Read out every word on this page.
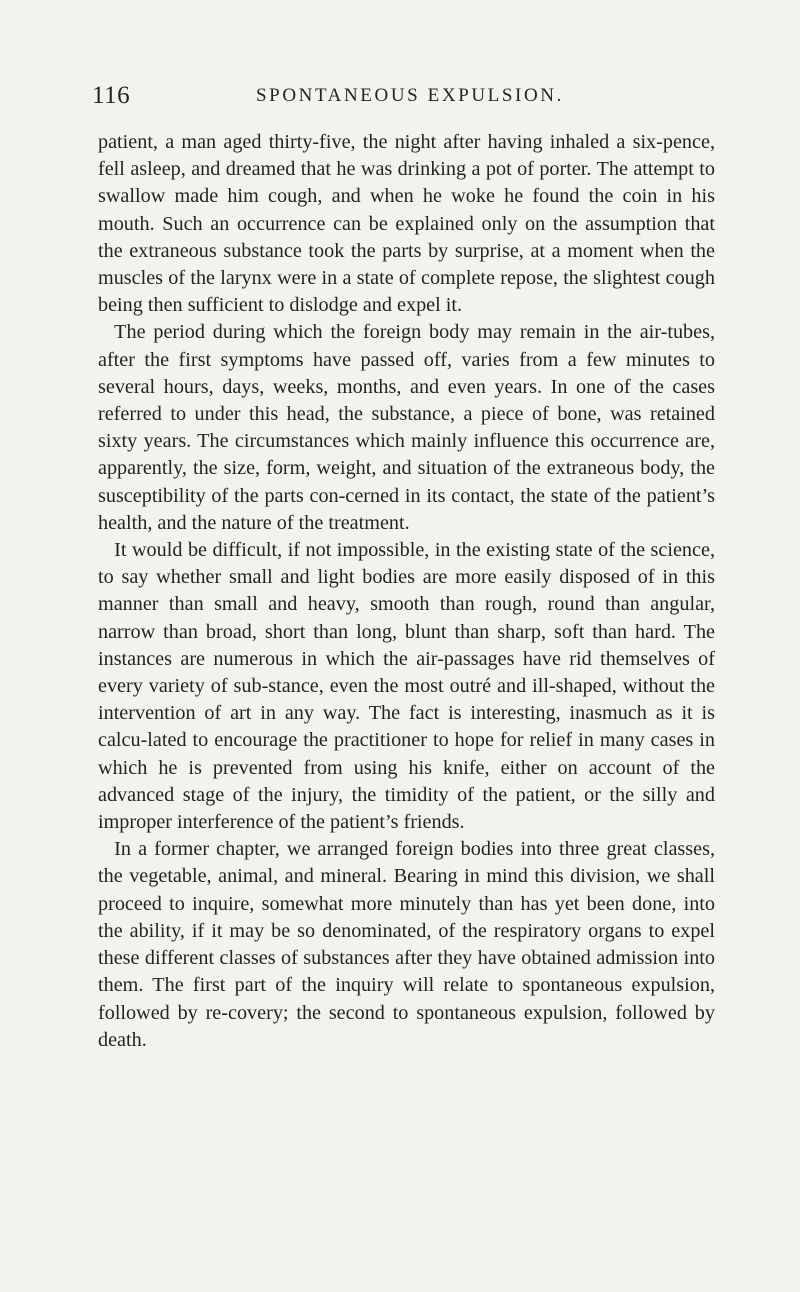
116	SPONTANEOUS EXPULSION.

patient, a man aged thirty-five, the night after having inhaled a six-pence, fell asleep, and dreamed that he was drinking a pot of porter. The attempt to swallow made him cough, and when he woke he found the coin in his mouth. Such an occurrence can be explained only on the assumption that the extraneous substance took the parts by surprise, at a moment when the muscles of the larynx were in a state of complete repose, the slightest cough being then sufficient to dislodge and expel it.

The period during which the foreign body may remain in the air-tubes, after the first symptoms have passed off, varies from a few minutes to several hours, days, weeks, months, and even years. In one of the cases referred to under this head, the substance, a piece of bone, was retained sixty years. The circumstances which mainly influence this occurrence are, apparently, the size, form, weight, and situation of the extraneous body, the susceptibility of the parts con-cerned in its contact, the state of the patient’s health, and the nature of the treatment.

It would be difficult, if not impossible, in the existing state of the science, to say whether small and light bodies are more easily disposed of in this manner than small and heavy, smooth than rough, round than angular, narrow than broad, short than long, blunt than sharp, soft than hard. The instances are numerous in which the air-passages have rid themselves of every variety of sub-stance, even the most outré and ill-shaped, without the intervention of art in any way. The fact is interesting, inasmuch as it is calcu-lated to encourage the practitioner to hope for relief in many cases in which he is prevented from using his knife, either on account of the advanced stage of the injury, the timidity of the patient, or the silly and improper interference of the patient’s friends.

In a former chapter, we arranged foreign bodies into three great classes, the vegetable, animal, and mineral. Bearing in mind this division, we shall proceed to inquire, somewhat more minutely than has yet been done, into the ability, if it may be so denominated, of the respiratory organs to expel these different classes of substances after they have obtained admission into them. The first part of the inquiry will relate to spontaneous expulsion, followed by re-covery; the second to spontaneous expulsion, followed by death.
